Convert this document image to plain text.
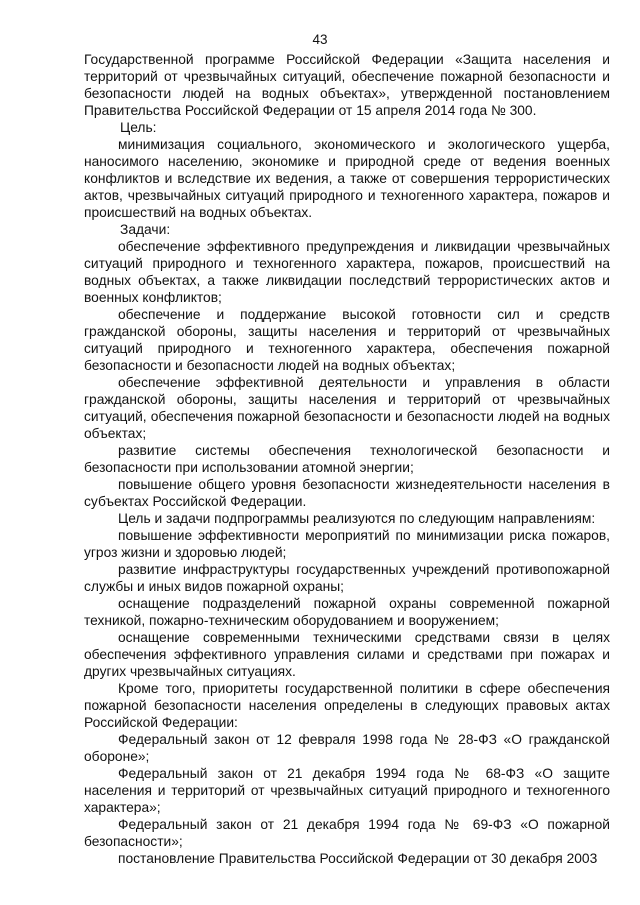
43

Государственной программе Российской Федерации «Защита населения и территорий от чрезвычайных ситуаций, обеспечение пожарной безопасности и безопасности людей на водных объектах», утвержденной постановлением Правительства Российской Федерации от 15 апреля 2014 года № 300.

Цель:

минимизация социального, экономического и экологического ущерба, наносимого населению, экономике и природной среде от ведения военных конфликтов и вследствие их ведения, а также от совершения террористических актов, чрезвычайных ситуаций природного и техногенного характера, пожаров и происшествий на водных объектах.

Задачи:

обеспечение эффективного предупреждения и ликвидации чрезвычайных ситуаций природного и техногенного характера, пожаров, происшествий на водных объектах, а также ликвидации последствий террористических актов и военных конфликтов;

обеспечение и поддержание высокой готовности сил и средств гражданской обороны, защиты населения и территорий от чрезвычайных ситуаций природного и техногенного характера, обеспечения пожарной безопасности и безопасности людей на водных объектах;

обеспечение эффективной деятельности и управления в области гражданской обороны, защиты населения и территорий от чрезвычайных ситуаций, обеспечения пожарной безопасности и безопасности людей на водных объектах;

развитие системы обеспечения технологической безопасности и безопасности при использовании атомной энергии;

повышение общего уровня безопасности жизнедеятельности населения в субъектах Российской Федерации.

Цель и задачи подпрограммы реализуются по следующим направлениям:

повышение эффективности мероприятий по минимизации риска пожаров, угроз жизни и здоровью людей;

развитие инфраструктуры государственных учреждений противопожарной службы и иных видов пожарной охраны;

оснащение подразделений пожарной охраны современной пожарной техникой, пожарно-техническим оборудованием и вооружением;

оснащение современными техническими средствами связи в целях обеспечения эффективного управления силами и средствами при пожарах и других чрезвычайных ситуациях.

Кроме того, приоритеты государственной политики в сфере обеспечения пожарной безопасности населения определены в следующих правовых актах Российской Федерации:

Федеральный закон от 12 февраля 1998 года № 28-ФЗ «О гражданской обороне»;

Федеральный закон от 21 декабря 1994 года № 68-ФЗ «О защите населения и территорий от чрезвычайных ситуаций природного и техногенного характера»;

Федеральный закон от 21 декабря 1994 года № 69-ФЗ «О пожарной безопасности»;

постановление Правительства Российской Федерации от 30 декабря 2003
